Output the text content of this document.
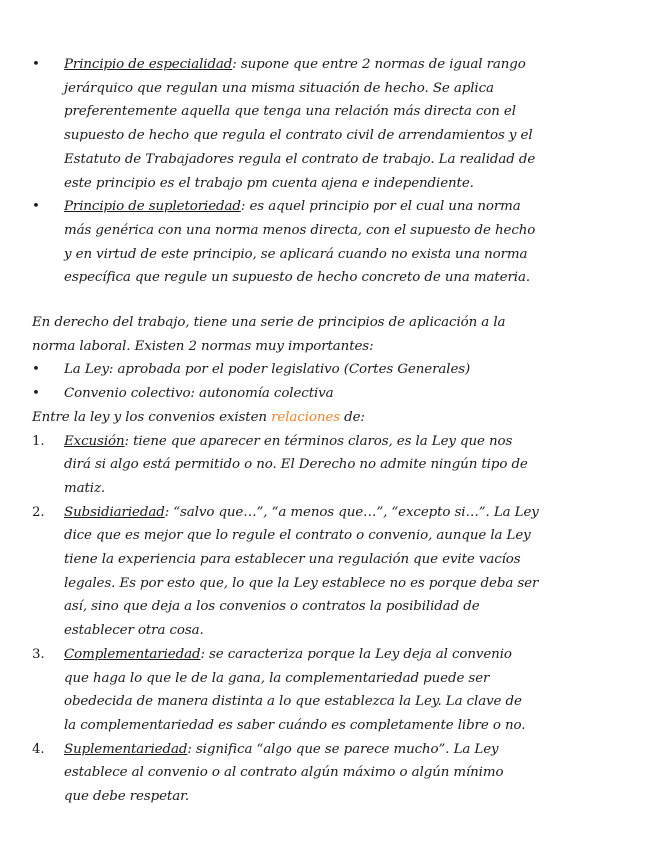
•	Principio de especialidad: supone que entre 2 normas de igual rango
jerárquico que regulan una misma situación de hecho. Se aplica
preferentemente aquella que tenga una relación más directa con el
supuesto de hecho que regula el contrato civil de arrendamientos y el
Estatuto de Trabajadores regula el contrato de trabajo. La realidad de
este principio es el trabajo pm cuenta ajena e independiente.
•	Principio de supletoriedad: es aquel principio por el cual una norma
más genérica con una norma menos directa, con el supuesto de hecho
y en virtud de este principio, se aplicará cuando no exista una norma
específica que regule un supuesto de hecho concreto de una materia.
En derecho del trabajo, tiene una serie de principios de aplicación a la
norma laboral. Existen 2 normas muy importantes:
•	La Ley: aprobada por el poder legislativo (Cortes Generales)
•	Convenio colectivo: autonomía colectiva
Entre la ley y los convenios existen relaciones de:
1.	Excusión: tiene que aparecer en términos claros, es la Ley que nos
dirá si algo está permitido o no. El Derecho no admite ningún tipo de
matiz.
2.	Subsidiariedad: “salvo que…”, “a menos que…”, “excepto si…”. La Ley
dice que es mejor que lo regule el contrato o convenio, aunque la Ley
tiene la experiencia para establecer una regulación que evite vacíos
legales. Es por esto que, lo que la Ley establece no es porque deba ser
así, sino que deja a los convenios o contratos la posibilidad de
establecer otra cosa.
3.	Complementariedad: se caracteriza porque la Ley deja al convenio
que haga lo que le de la gana, la complementariedad puede ser
obedecida de manera distinta a lo que establezca la Ley. La clave de
la complementariedad es saber cuándo es completamente libre o no.
4.	Suplementariedad: significa “algo que se parece mucho”. La Ley
establece al convenio o al contrato algún máximo o algún mínimo
que debe respetar.
